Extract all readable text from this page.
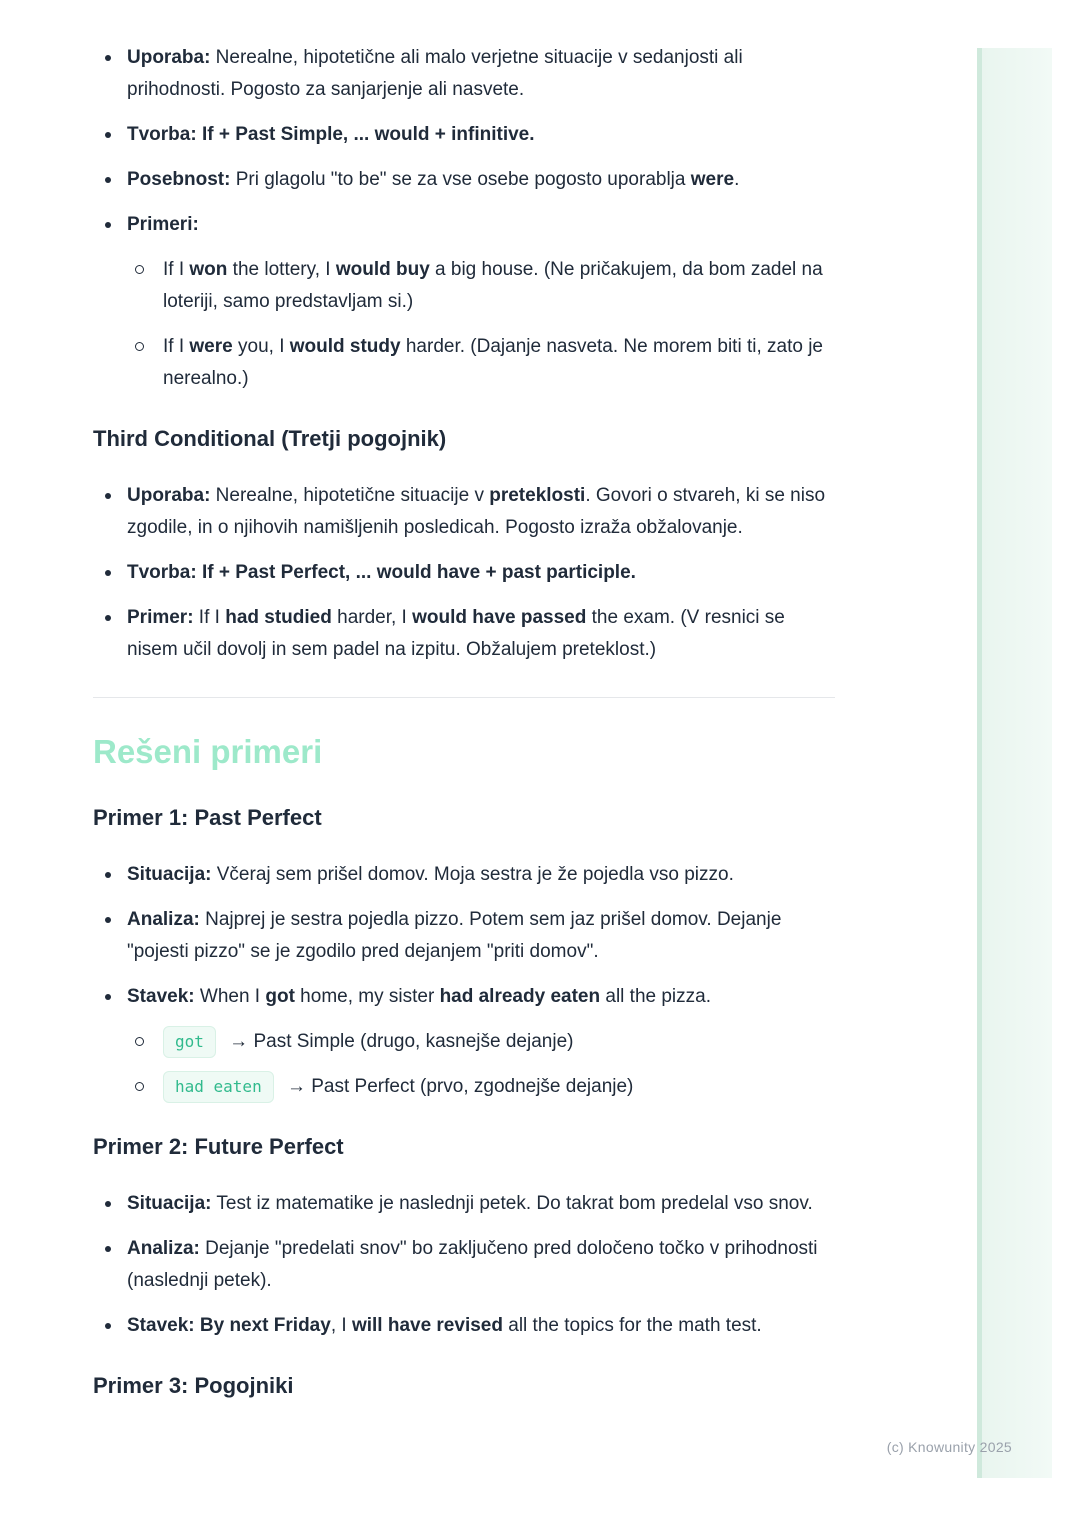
Uporaba: Nerealne, hipotetične ali malo verjetne situacije v sedanjosti ali prihodnosti. Pogosto za sanjarjenje ali nasvete.
Tvorba: If + Past Simple, ... would + infinitive.
Posebnost: Pri glagolu "to be" se za vse osebe pogosto uporablja were.
Primeri:
If I won the lottery, I would buy a big house. (Ne pričakujem, da bom zadel na loteriji, samo predstavljam si.)
If I were you, I would study harder. (Dajanje nasveta. Ne morem biti ti, zato je nerealno.)
Third Conditional (Tretji pogojnik)
Uporaba: Nerealne, hipotetične situacije v preteklosti. Govori o stvareh, ki se niso zgodile, in o njihovih namišljenih posledicah. Pogosto izraža obžalovanje.
Tvorba: If + Past Perfect, ... would have + past participle.
Primer: If I had studied harder, I would have passed the exam. (V resnici se nisem učil dovolj in sem padel na izpitu. Obžalujem preteklost.)
Rešeni primeri
Primer 1: Past Perfect
Situacija: Včeraj sem prišel domov. Moja sestra je že pojedla vso pizzo.
Analiza: Najprej je sestra pojedla pizzo. Potem sem jaz prišel domov. Dejanje "pojesti pizzo" se je zgodilo pred dejanjem "priti domov".
Stavek: When I got home, my sister had already eaten all the pizza.
got → Past Simple (drugo, kasnejše dejanje)
had eaten → Past Perfect (prvo, zgodnejše dejanje)
Primer 2: Future Perfect
Situacija: Test iz matematike je naslednji petek. Do takrat bom predelal vso snov.
Analiza: Dejanje "predelati snov" bo zaključeno pred določeno točko v prihodnosti (naslednji petek).
Stavek: By next Friday, I will have revised all the topics for the math test.
Primer 3: Pogojniki
(c) Knowunity 2025
